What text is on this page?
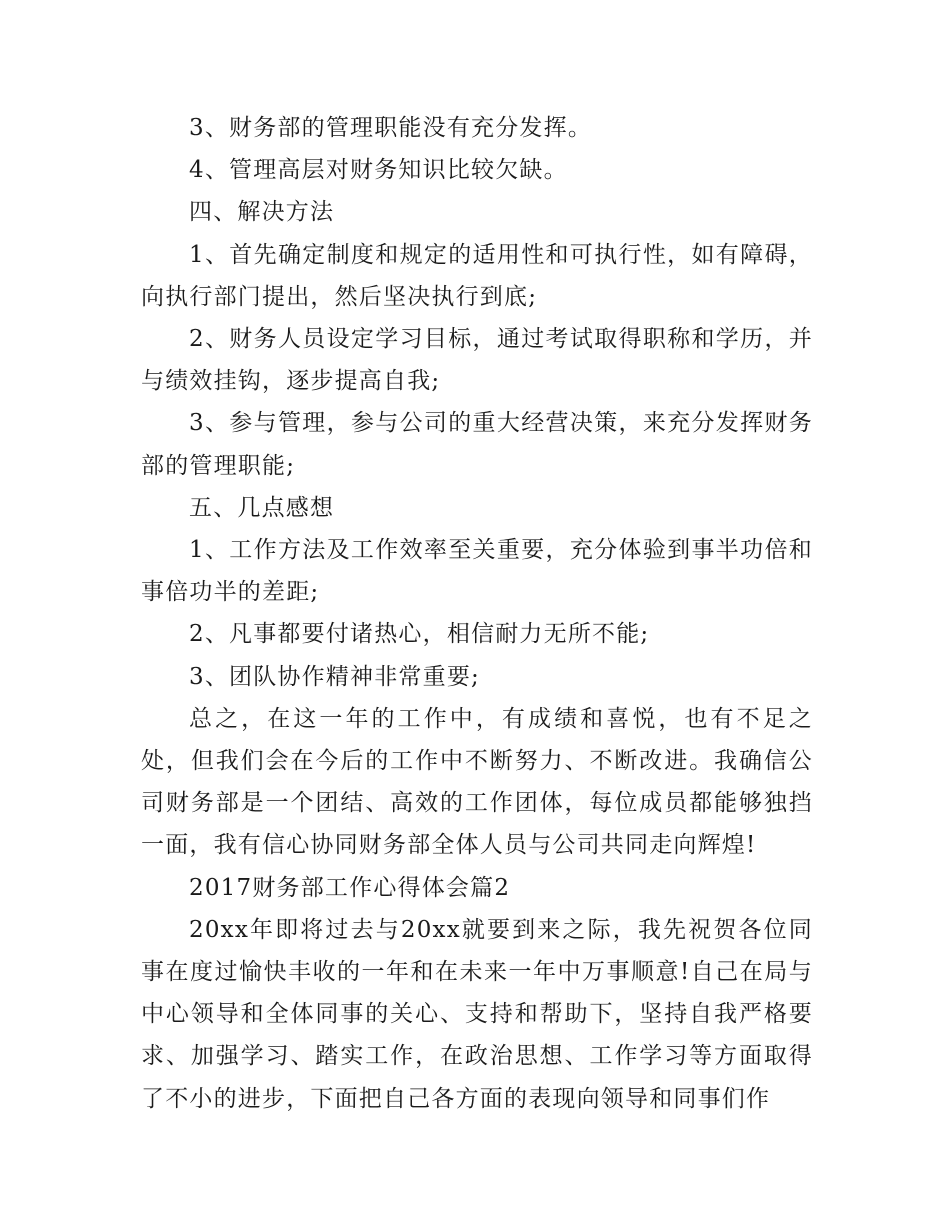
3、财务部的管理职能没有充分发挥。

4、管理高层对财务知识比较欠缺。

四、解决方法

1、首先确定制度和规定的适用性和可执行性，如有障碍，向执行部门提出，然后坚决执行到底;

2、财务人员设定学习目标，通过考试取得职称和学历，并与绩效挂钩，逐步提高自我;

3、参与管理，参与公司的重大经营决策，来充分发挥财务部的管理职能;

五、几点感想

1、工作方法及工作效率至关重要，充分体验到事半功倍和事倍功半的差距;

2、凡事都要付诸热心，相信耐力无所不能;

3、团队协作精神非常重要;

总之，在这一年的工作中，有成绩和喜悦，也有不足之处，但我们会在今后的工作中不断努力、不断改进。我确信公司财务部是一个团结、高效的工作团体，每位成员都能够独挡一面，我有信心协同财务部全体人员与公司共同走向辉煌!

2017财务部工作心得体会篇2

20xx年即将过去与20xx就要到来之际，我先祝贺各位同事在度过愉快丰收的一年和在未来一年中万事顺意!自己在局与中心领导和全体同事的关心、支持和帮助下，坚持自我严格要求、加强学习、踏实工作，在政治思想、工作学习等方面取得了不小的进步，下面把自己各方面的表现向领导和同事们作
